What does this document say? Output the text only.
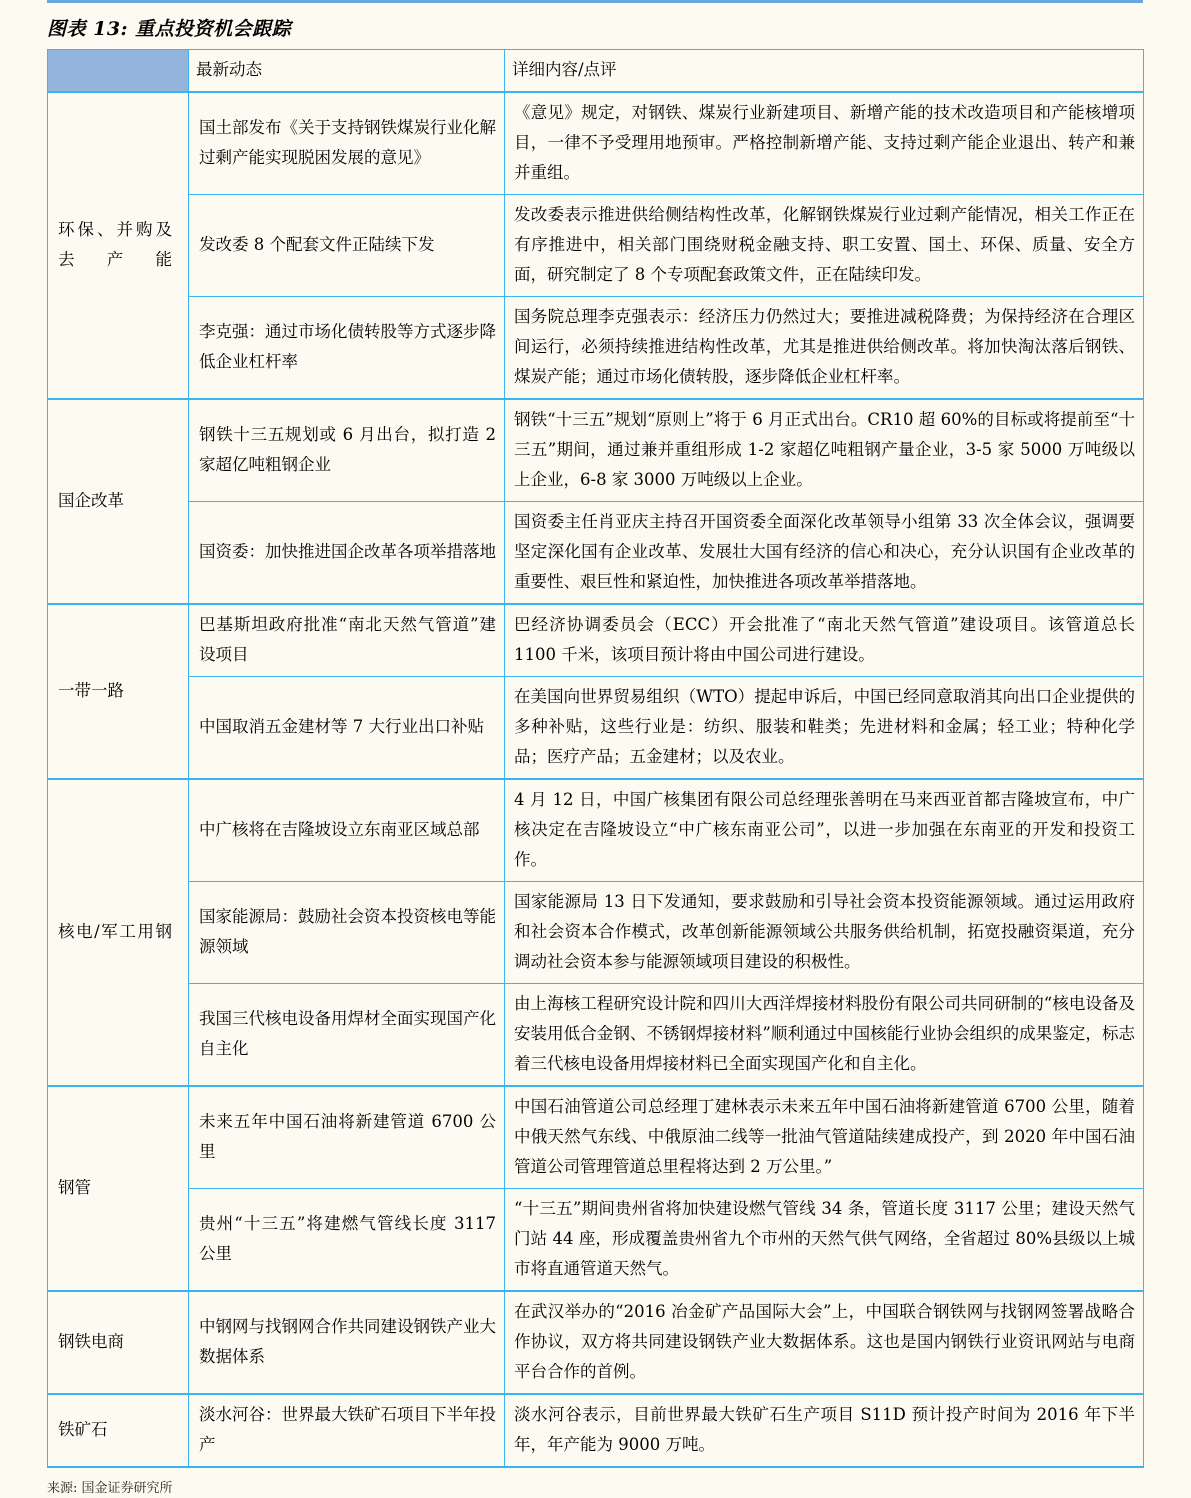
图表 13: 重点投资机会跟踪
	最新动态	详细内容/点评
环保、并购及去产能	国土部发布《关于支持钢铁煤炭行业化解过剩产能实现脱困发展的意见》	《意见》规定，对钢铁、煤炭行业新建项目、新增产能的技术改造项目和产能核增项目，一律不予受理用地预审。严格控制新增产能、支持过剩产能企业退出、转产和兼并重组。
	发改委 8 个配套文件正陆续下发	发改委表示推进供给侧结构性改革，化解钢铁煤炭行业过剩产能情况，相关工作正在有序推进中，相关部门围绕财税金融支持、职工安置、国土、环保、质量、安全方面，研究制定了 8 个专项配套政策文件，正在陆续印发。
	李克强：通过市场化债转股等方式逐步降低企业杠杆率	国务院总理李克强表示：经济压力仍然过大；要推进减税降费；为保持经济在合理区间运行，必须持续推进结构性改革，尤其是推进供给侧改革。将加快淘汰落后钢铁、煤炭产能；通过市场化债转股，逐步降低企业杠杆率。
国企改革	钢铁十三五规划或 6 月出台，拟打造 2 家超亿吨粗钢企业	钢铁“十三五”规划“原则上”将于 6 月正式出台。CR10 超 60%的目标或将提前至“十三五”期间，通过兼并重组形成 1-2 家超亿吨粗钢产量企业，3-5 家 5000 万吨级以上企业，6-8 家 3000 万吨级以上企业。
	国资委：加快推进国企改革各项举措落地	国资委主任肖亚庆主持召开国资委全面深化改革领导小组第 33 次全体会议，强调要坚定深化国有企业改革、发展壮大国有经济的信心和决心，充分认识国有企业改革的重要性、艰巨性和紧迫性，加快推进各项改革举措落地。
一带一路	巴基斯坦政府批准“南北天然气管道”建设项目	巴经济协调委员会（ECC）开会批准了“南北天然气管道”建设项目。该管道总长 1100 千米，该项目预计将由中国公司进行建设。
	中国取消五金建材等 7 大行业出口补贴	在美国向世界贸易组织（WTO）提起申诉后，中国已经同意取消其向出口企业提供的多种补贴，这些行业是：纺织、服装和鞋类；先进材料和金属；轻工业；特种化学品；医疗产品；五金建材；以及农业。
核电/军工用钢	中广核将在吉隆坡设立东南亚区域总部	4 月 12 日，中国广核集团有限公司总经理张善明在马来西亚首都吉隆坡宣布，中广核决定在吉隆坡设立“中广核东南亚公司”，以进一步加强在东南亚的开发和投资工作。
	国家能源局：鼓励社会资本投资核电等能源领域	国家能源局 13 日下发通知，要求鼓励和引导社会资本投资能源领域。通过运用政府和社会资本合作模式，改革创新能源领域公共服务供给机制，拓宽投融资渠道，充分调动社会资本参与能源领域项目建设的积极性。
	我国三代核电设备用焊材全面实现国产化自主化	由上海核工程研究设计院和四川大西洋焊接材料股份有限公司共同研制的“核电设备及安装用低合金钢、不锈钢焊接材料”顺利通过中国核能行业协会组织的成果鉴定，标志着三代核电设备用焊接材料已全面实现国产化和自主化。
钢管	未来五年中国石油将新建管道 6700 公里	中国石油管道公司总经理丁建林表示未来五年中国石油将新建管道 6700 公里，随着中俄天然气东线、中俄原油二线等一批油气管道陆续建成投产，到 2020 年中国石油管道公司管理管道总里程将达到 2 万公里。”
	贵州“十三五”将建燃气管线长度 3117 公里	“十三五”期间贵州省将加快建设燃气管线 34 条，管道长度 3117 公里；建设天然气门站 44 座，形成覆盖贵州省九个市州的天然气供气网络，全省超过 80%县级以上城市将直通管道天然气。
钢铁电商	中钢网与找钢网合作共同建设钢铁产业大数据体系	在武汉举办的“2016 冶金矿产品国际大会”上，中国联合钢铁网与找钢网签署战略合作协议，双方将共同建设钢铁产业大数据体系。这也是国内钢铁行业资讯网站与电商平台合作的首例。
铁矿石	淡水河谷：世界最大铁矿石项目下半年投产	淡水河谷表示，目前世界最大铁矿石生产项目 S11D 预计投产时间为 2016 年下半年，年产能为 9000 万吨。
来源: 国金证券研究所
